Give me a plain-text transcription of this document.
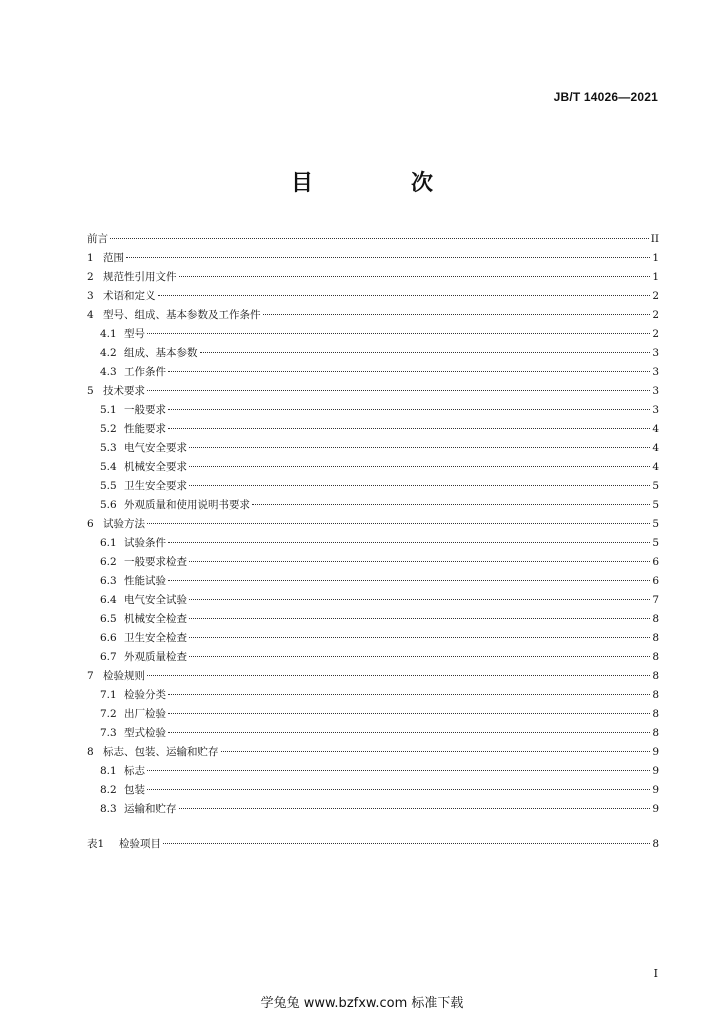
JB/T 14026—2021
目　次
前言	II
1 范围	1
2 规范性引用文件	1
3 术语和定义	2
4 型号、组成、基本参数及工作条件	2
4.1 型号	2
4.2 组成、基本参数	3
4.3 工作条件	3
5 技术要求	3
5.1 一般要求	3
5.2 性能要求	4
5.3 电气安全要求	4
5.4 机械安全要求	4
5.5 卫生安全要求	5
5.6 外观质量和使用说明书要求	5
6 试验方法	5
6.1 试验条件	5
6.2 一般要求检查	6
6.3 性能试验	6
6.4 电气安全试验	7
6.5 机械安全检查	8
6.6 卫生安全检查	8
6.7 外观质量检查	8
7 检验规则	8
7.1 检验分类	8
7.2 出厂检验	8
7.3 型式检验	8
8 标志、包装、运输和贮存	9
8.1 标志	9
8.2 包装	9
8.3 运输和贮存	9
表1	检验项目	8
I
学兔兔 www.bzfxw.com 标准下载
